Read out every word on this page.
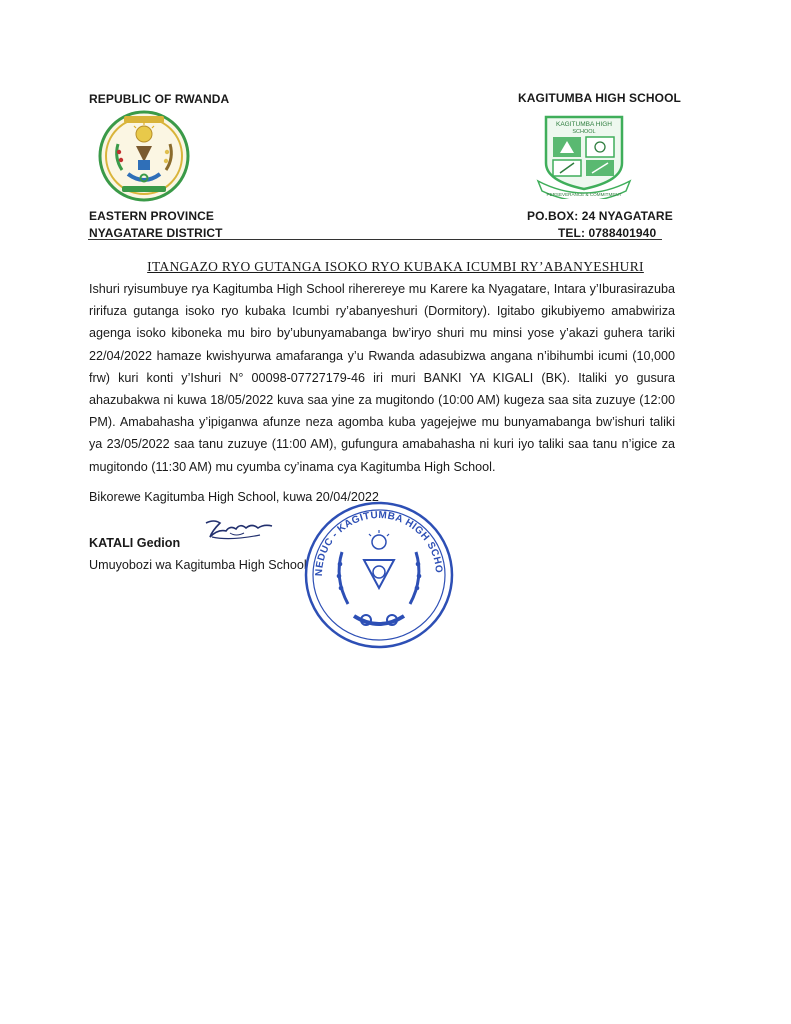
REPUBLIC OF RWANDA
EASTERN PROVINCE
NYAGATARE DISTRICT
KAGITUMBA HIGH SCHOOL
KAGITUMBA HIGH
SCHOOL
PERSEVERANCE & COMMITMENT
PO.BOX: 24 NYAGATARE
TEL: 0788401940
ITANGAZO RYO GUTANGA ISOKO RYO KUBAKA ICUMBI RY’ABANYESHURI
Ishuri ryisumbuye rya Kagitumba High School riherereye mu Karere ka Nyagatare, Intara y’Iburasirazuba ririfuza gutanga isoko ryo kubaka Icumbi ry’abanyeshuri (Dormitory). Igitabo gikubiyemo amabwiriza agenga isoko kiboneka mu biro by’ubunyamabanga bw’iryo shuri mu minsi yose y’akazi guhera tariki 22/04/2022 hamaze kwishyurwa amafaranga y’u Rwanda adasubizwa angana n’ibihumbi icumi (10,000 frw) kuri konti y’Ishuri N° 00098-07727179-46 iri muri BANKI YA KIGALI (BK). Italiki yo gusura ahazubakwa ni kuwa 18/05/2022 kuva saa yine za mugitondo (10:00 AM) kugeza saa sita zuzuye (12:00 PM). Amabahasha y’ipiganwa afunze neza agomba kuba yagejejwe mu bunyamabanga bw’ishuri taliki ya 23/05/2022 saa tanu zuzuye (11:00 AM), gufungura amabahasha ni kuri iyo taliki saa tanu n’igice za mugitondo (11:30 AM) mu cyumba cy’inama cya Kagitumba High School.
Bikorewe Kagitumba High School, kuwa 20/04/2022
KATALI Gedion
Umuyobozi wa Kagitumba High School
NEDUC - KAGITUMBA HIGH SCHO
